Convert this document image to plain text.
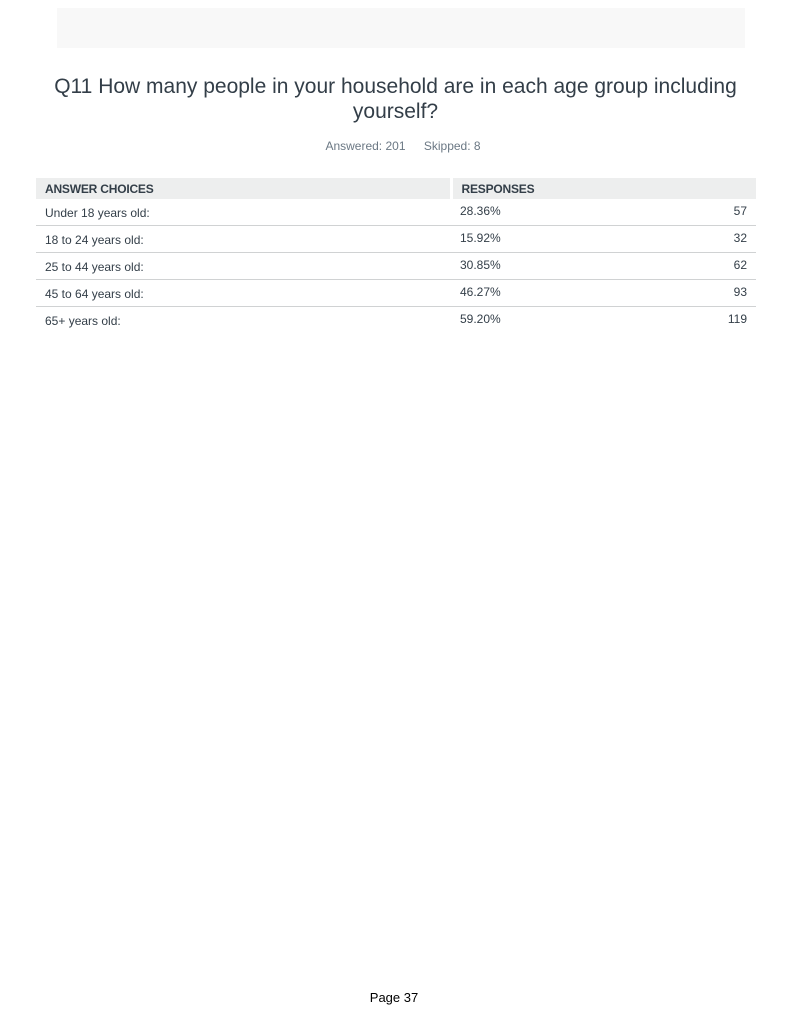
Q11 How many people in your household are in each age group including yourself?
Answered: 201 Skipped: 8
ANSWER CHOICES	RESPONSES	
Under 18 years old:	28.36%	57
18 to 24 years old:	15.92%	32
25 to 44 years old:	30.85%	62
45 to 64 years old:	46.27%	93
65+ years old:	59.20%	119
Page 37
